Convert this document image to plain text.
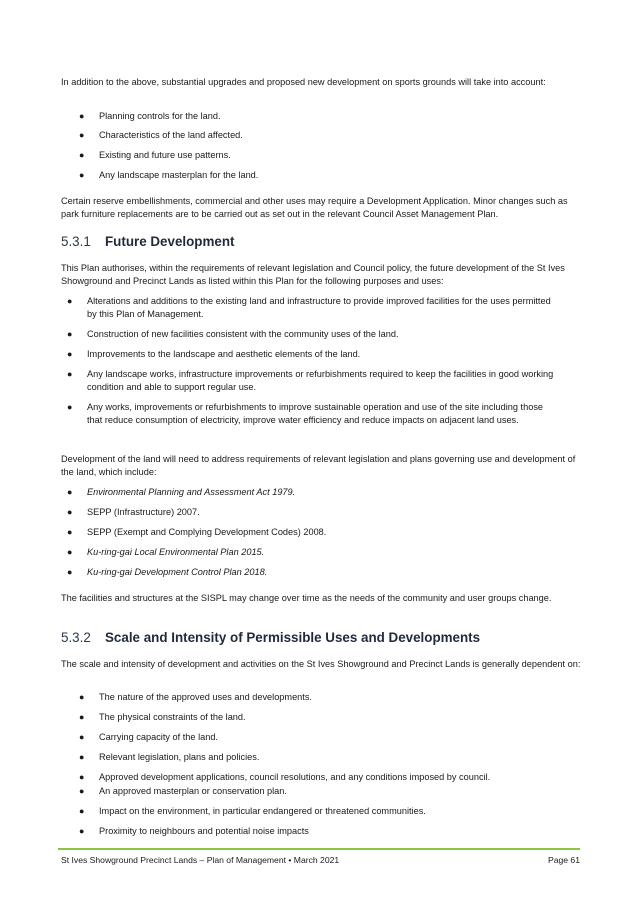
In addition to the above, substantial upgrades and proposed new development on sports grounds will take into account:

● Planning controls for the land.
● Characteristics of the land affected.
● Existing and future use patterns.
● Any landscape masterplan for the land.

Certain reserve embellishments, commercial and other uses may require a Development Application. Minor changes such as park furniture replacements are to be carried out as set out in the relevant Council Asset Management Plan.

5.3.1 Future Development

This Plan authorises, within the requirements of relevant legislation and Council policy, the future development of the St Ives Showground and Precinct Lands as listed within this Plan for the following purposes and uses:

● Alterations and additions to the existing land and infrastructure to provide improved facilities for the uses permitted by this Plan of Management.
● Construction of new facilities consistent with the community uses of the land.
● Improvements to the landscape and aesthetic elements of the land.
● Any landscape works, infrastructure improvements or refurbishments required to keep the facilities in good working condition and able to support regular use.
● Any works, improvements or refurbishments to improve sustainable operation and use of the site including those that reduce consumption of electricity, improve water efficiency and reduce impacts on adjacent land uses.

Development of the land will need to address requirements of relevant legislation and plans governing use and development of the land, which include:

● Environmental Planning and Assessment Act 1979.
● SEPP (Infrastructure) 2007.
● SEPP (Exempt and Complying Development Codes) 2008.
● Ku-ring-gai Local Environmental Plan 2015.
● Ku-ring-gai Development Control Plan 2018.

The facilities and structures at the SISPL may change over time as the needs of the community and user groups change.

5.3.2 Scale and Intensity of Permissible Uses and Developments

The scale and intensity of development and activities on the St Ives Showground and Precinct Lands is generally dependent on:

● The nature of the approved uses and developments.
● The physical constraints of the land.
● Carrying capacity of the land.
● Relevant legislation, plans and policies.
● Approved development applications, council resolutions, and any conditions imposed by council.
● An approved masterplan or conservation plan.
● Impact on the environment, in particular endangered or threatened communities.
● Proximity to neighbours and potential noise impacts
St Ives Showground Precinct Lands – Plan of Management • March 2021	Page 61
